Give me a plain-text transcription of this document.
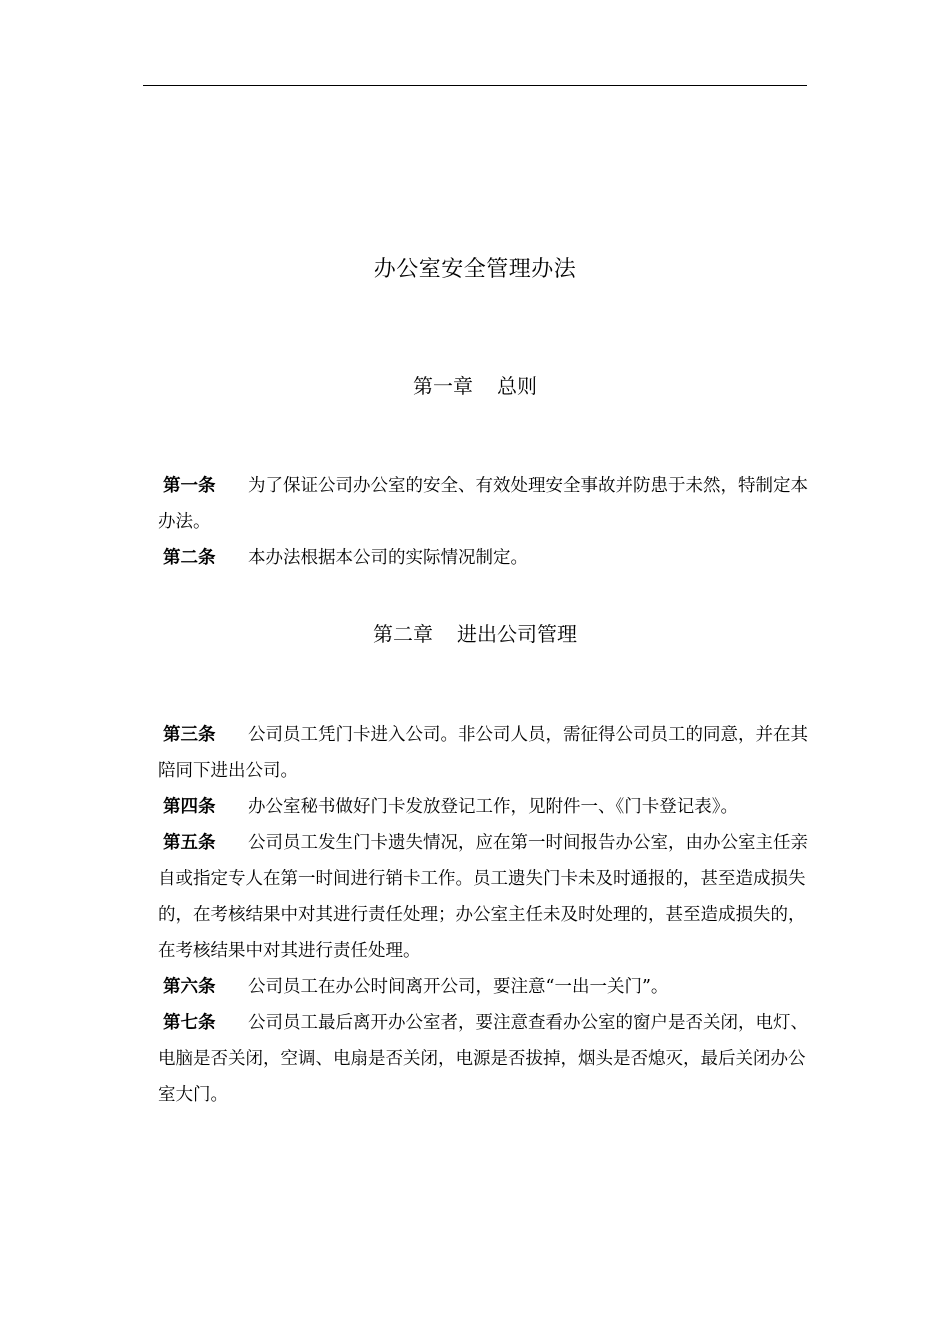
办公室安全管理办法
第一章 总则

第一条 为了保证公司办公室的安全、有效处理安全事故并防患于未然，特制定本办法。

第二条 本办法根据本公司的实际情况制定。

第二章 进出公司管理

第三条 公司员工凭门卡进入公司。非公司人员，需征得公司员工的同意，并在其陪同下进出公司。

第四条 办公室秘书做好门卡发放登记工作，见附件一、《门卡登记表》。

第五条 公司员工发生门卡遗失情况，应在第一时间报告办公室，由办公室主任亲自或指定专人在第一时间进行销卡工作。员工遗失门卡未及时通报的，甚至造成损失的，在考核结果中对其进行责任处理；办公室主任未及时处理的，甚至造成损失的，在考核结果中对其进行责任处理。

第六条 公司员工在办公时间离开公司，要注意“一出一关门”。

第七条 公司员工最后离开办公室者，要注意查看办公室的窗户是否关闭，电灯、电脑是否关闭，空调、电扇是否关闭，电源是否拔掉，烟头是否熄灭，最后关闭办公室大门。
